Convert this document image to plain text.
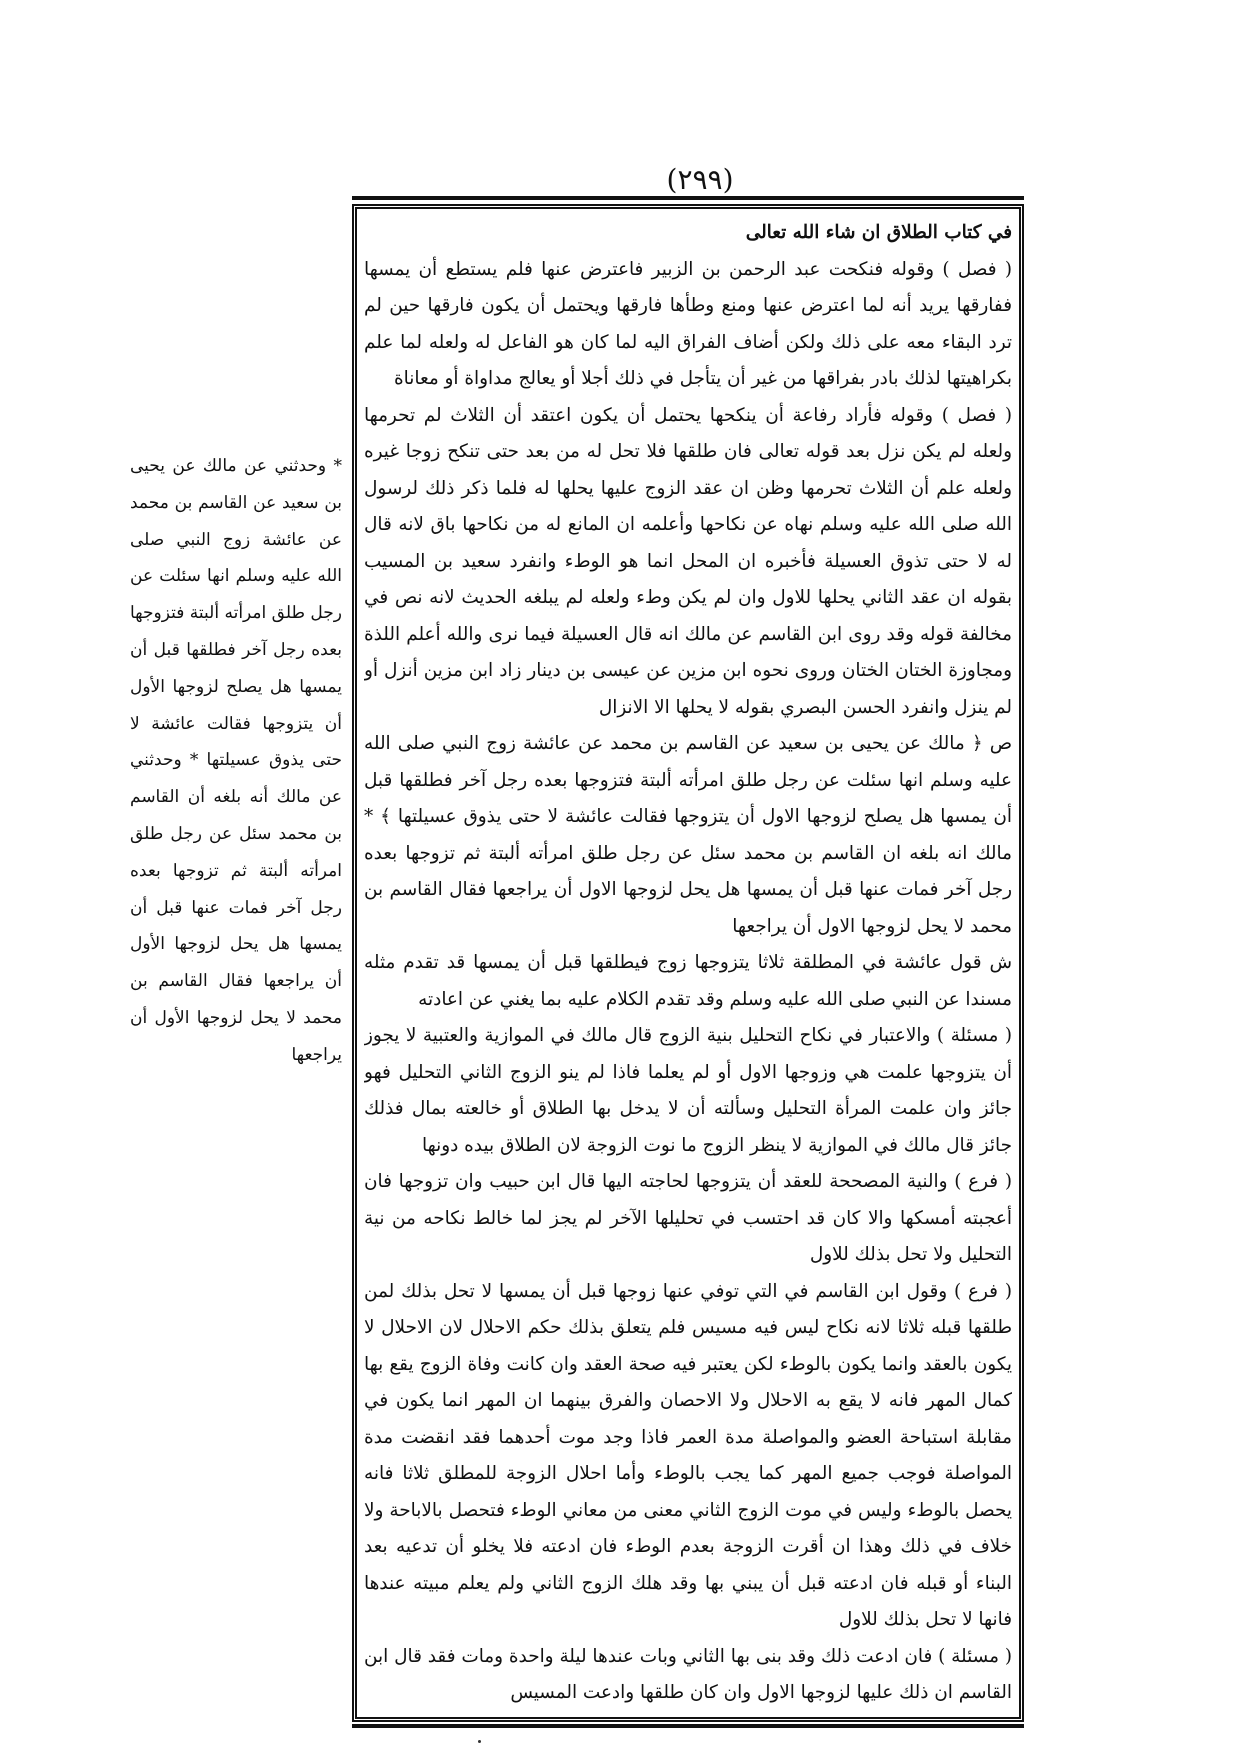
(٢٩٩)

في كتاب الطلاق ان شاء الله تعالى

( فصل ) وقوله فنكحت عبد الرحمن بن الزبير فاعترض عنها فلم يستطع أن يمسها ففارقها يريد أنه لما اعترض عنها ومنع وطأها فارقها ويحتمل أن يكون فارقها حين لم ترد البقاء معه على ذلك ولكن أضاف الفراق اليه لما كان هو الفاعل له ولعله لما علم بكراهيتها لذلك بادر بفراقها من غير أن يتأجل في ذلك أجلا أو يعالج مداواة أو معاناة

( فصل ) وقوله فأراد رفاعة أن ينكحها يحتمل أن يكون اعتقد أن الثلاث لم تحرمها ولعله لم يكن نزل بعد قوله تعالى فان طلقها فلا تحل له من بعد حتى تنكح زوجا غيره ولعله علم أن الثلاث تحرمها وظن ان عقد الزوج عليها يحلها له فلما ذكر ذلك لرسول الله صلى الله عليه وسلم نهاه عن نكاحها وأعلمه ان المانع له من نكاحها باق لانه قال له لا حتى تذوق العسيلة فأخبره ان المحل انما هو الوطء وانفرد سعيد بن المسيب بقوله ان عقد الثاني يحلها للاول وان لم يكن وطء ولعله لم يبلغه الحديث لانه نص في مخالفة قوله وقد روى ابن القاسم عن مالك انه قال العسيلة فيما نرى والله أعلم اللذة ومجاوزة الختان الختان وروى نحوه ابن مزين عن عيسى بن دينار زاد ابن مزين أنزل أو لم ينزل وانفرد الحسن البصري بقوله لا يحلها الا الانزال

ص ﴿ مالك عن يحيى بن سعيد عن القاسم بن محمد عن عائشة زوج النبي صلى الله عليه وسلم انها سئلت عن رجل طلق امرأته ألبتة فتزوجها بعده رجل آخر فطلقها قبل أن يمسها هل يصلح لزوجها الاول أن يتزوجها فقالت عائشة لا حتى يذوق عسيلتها ﴾ * مالك انه بلغه ان القاسم بن محمد سئل عن رجل طلق امرأته ألبتة ثم تزوجها بعده رجل آخر فمات عنها قبل أن يمسها هل يحل لزوجها الاول أن يراجعها فقال القاسم بن محمد لا يحل لزوجها الاول أن يراجعها

ش قول عائشة في المطلقة ثلاثا يتزوجها زوج فيطلقها قبل أن يمسها قد تقدم مثله مسندا عن النبي صلى الله عليه وسلم وقد تقدم الكلام عليه بما يغني عن اعادته

( مسئلة ) والاعتبار في نكاح التحليل بنية الزوج قال مالك في الموازية والعتبية لا يجوز أن يتزوجها علمت هي وزوجها الاول أو لم يعلما فاذا لم ينو الزوج الثاني التحليل فهو جائز وان علمت المرأة التحليل وسألته أن لا يدخل بها الطلاق أو خالعته بمال فذلك جائز قال مالك في الموازية لا ينظر الزوج ما نوت الزوجة لان الطلاق بيده دونها

( فرع ) والنية المصححة للعقد أن يتزوجها لحاجته اليها قال ابن حبيب وان تزوجها فان أعجبته أمسكها والا كان قد احتسب في تحليلها الآخر لم يجز لما خالط نكاحه من نية التحليل ولا تحل بذلك للاول

( فرع ) وقول ابن القاسم في التي توفي عنها زوجها قبل أن يمسها لا تحل بذلك لمن طلقها قبله ثلاثا لانه نكاح ليس فيه مسيس فلم يتعلق بذلك حكم الاحلال لان الاحلال لا يكون بالعقد وانما يكون بالوطء لكن يعتبر فيه صحة العقد وان كانت وفاة الزوج يقع بها كمال المهر فانه لا يقع به الاحلال ولا الاحصان والفرق بينهما ان المهر انما يكون في مقابلة استباحة العضو والمواصلة مدة العمر فاذا وجد موت أحدهما فقد انقضت مدة المواصلة فوجب جميع المهر كما يجب بالوطء وأما احلال الزوجة للمطلق ثلاثا فانه يحصل بالوطء وليس في موت الزوج الثاني معنى من معاني الوطء فتحصل بالاباحة ولا خلاف في ذلك وهذا ان أقرت الزوجة بعدم الوطء فان ادعته فلا يخلو أن تدعيه بعد البناء أو قبله فان ادعته قبل أن يبني بها وقد هلك الزوج الثاني ولم يعلم مبيته عندها فانها لا تحل بذلك للاول

( مسئلة ) فان ادعت ذلك وقد بنى بها الثاني وبات عندها ليلة واحدة ومات فقد قال ابن القاسم ان ذلك عليها لزوجها الاول وان كان طلقها وادعت المسيس

* وحدثني عن مالك عن يحيى بن سعيد عن القاسم بن محمد عن عائشة زوج النبي صلى الله عليه وسلم انها سئلت عن رجل طلق امرأته ألبتة فتزوجها بعده رجل آخر فطلقها قبل أن يمسها هل يصلح لزوجها الأول أن يتزوجها فقالت عائشة لا حتى يذوق عسيلتها * وحدثني عن مالك أنه بلغه أن القاسم بن محمد سئل عن رجل طلق امرأته ألبتة ثم تزوجها بعده رجل آخر فمات عنها قبل أن يمسها هل يحل لزوجها الأول أن يراجعها فقال القاسم بن محمد لا يحل لزوجها الأول أن يراجعها
